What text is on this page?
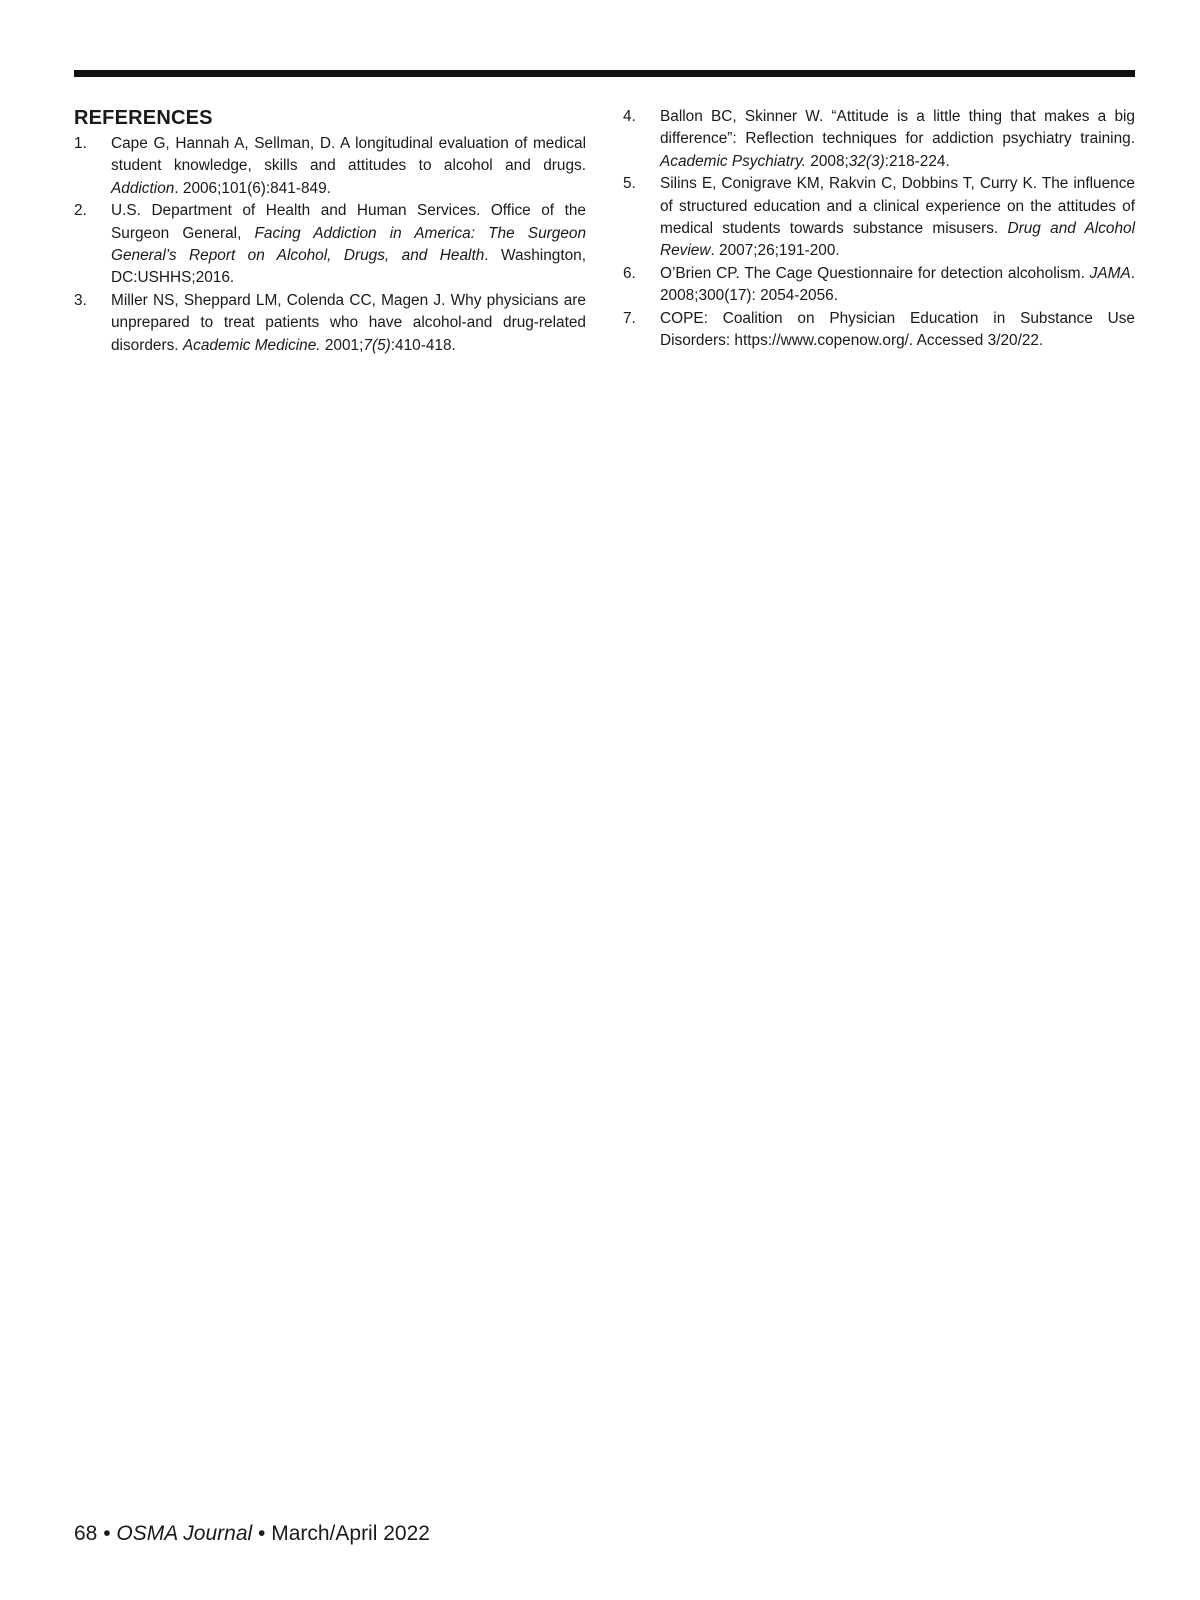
REFERENCES

1. Cape G, Hannah A, Sellman, D. A longitudinal evaluation of medical student knowledge, skills and attitudes to alcohol and drugs. Addiction. 2006;101(6):841-849.

2. U.S. Department of Health and Human Services. Office of the Surgeon General, Facing Addiction in America: The Surgeon General’s Report on Alcohol, Drugs, and Health. Washington, DC:USHHS;2016.

3. Miller NS, Sheppard LM, Colenda CC, Magen J. Why physicians are unprepared to treat patients who have alcohol-and drug-related disorders. Academic Medicine. 2001;7(5):410-418.

4. Ballon BC, Skinner W. “Attitude is a little thing that makes a big difference”: Reflection techniques for addiction psychiatry training. Academic Psychiatry. 2008;32(3):218-224.

5. Silins E, Conigrave KM, Rakvin C, Dobbins T, Curry K. The influence of structured education and a clinical experience on the attitudes of medical students towards substance misusers. Drug and Alcohol Review. 2007;26;191-200.

6. O’Brien CP. The Cage Questionnaire for detection alcoholism. JAMA. 2008;300(17): 2054-2056.

7. COPE: Coalition on Physician Education in Substance Use Disorders: https://www.copenow.org/. Accessed 3/20/22.

68 • OSMA Journal • March/April 2022
